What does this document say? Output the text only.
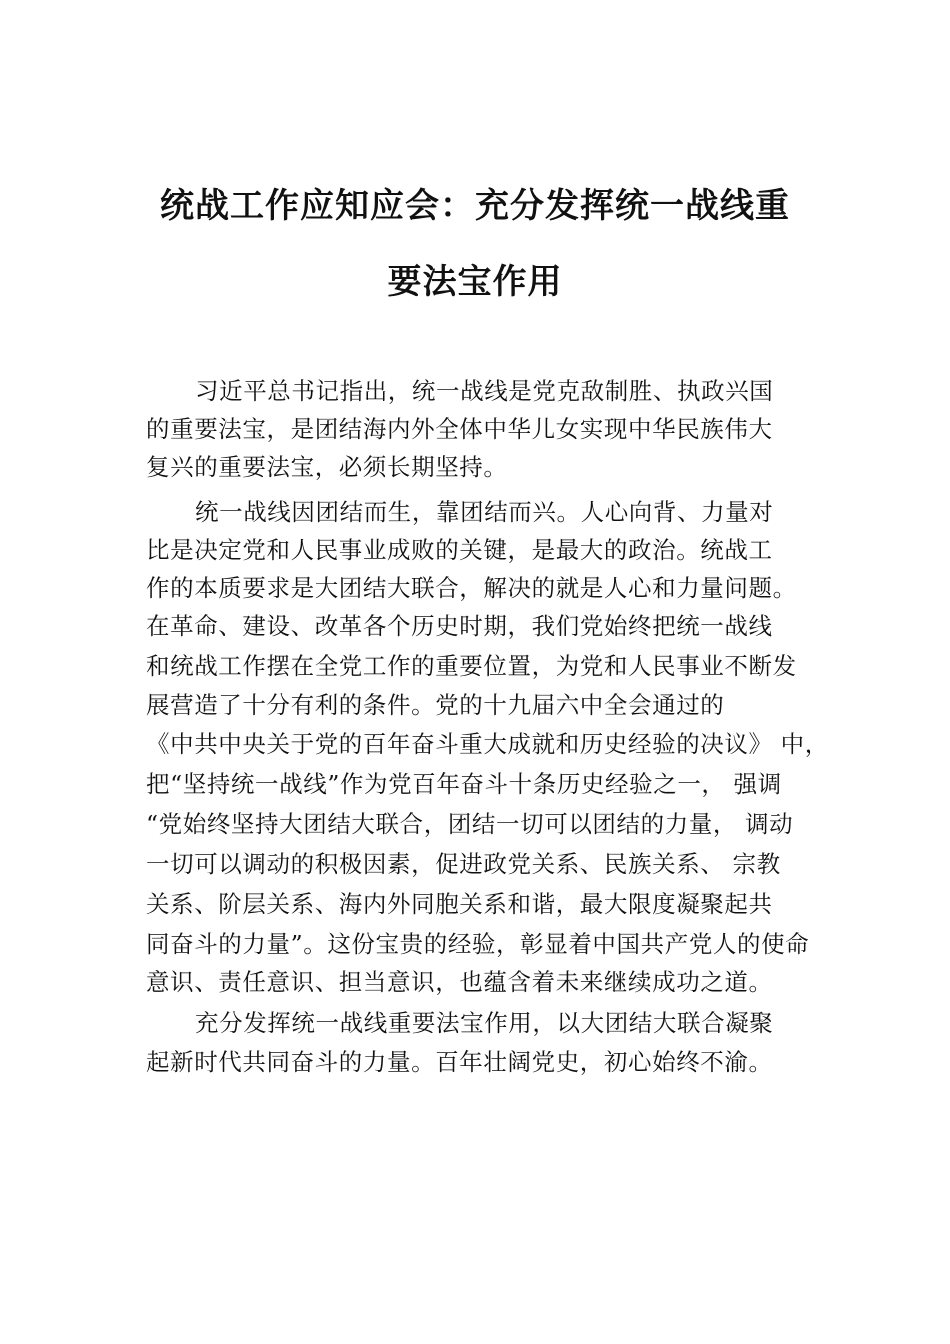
统战工作应知应会：充分发挥统一战线重
要法宝作用
习近平总书记指出，统一战线是党克敌制胜、执政兴国
的重要法宝，是团结海内外全体中华儿女实现中华民族伟大
复兴的重要法宝，必须长期坚持。
统一战线因团结而生，靠团结而兴。人心向背、力量对
比是决定党和人民事业成败的关键，是最大的政治。统战工
作的本质要求是大团结大联合，解决的就是人心和力量问题。
在革命、建设、改革各个历史时期，我们党始终把统一战线
和统战工作摆在全党工作的重要位置，为党和人民事业不断发
展营造了十分有利的条件。党的十九届六中全会通过的
《中共中央关于党的百年奋斗重大成就和历史经验的决议》 中，
把“坚持统一战线”作为党百年奋斗十条历史经验之一， 强调
“党始终坚持大团结大联合，团结一切可以团结的力量， 调动
一切可以调动的积极因素，促进政党关系、民族关系、 宗教
关系、阶层关系、海内外同胞关系和谐，最大限度凝聚起共
同奋斗的力量”。这份宝贵的经验，彰显着中国共产党人的使命
意识、责任意识、担当意识，也蕴含着未来继续成功之道。
充分发挥统一战线重要法宝作用，以大团结大联合凝聚
起新时代共同奋斗的力量。百年壮阔党史，初心始终不渝。
